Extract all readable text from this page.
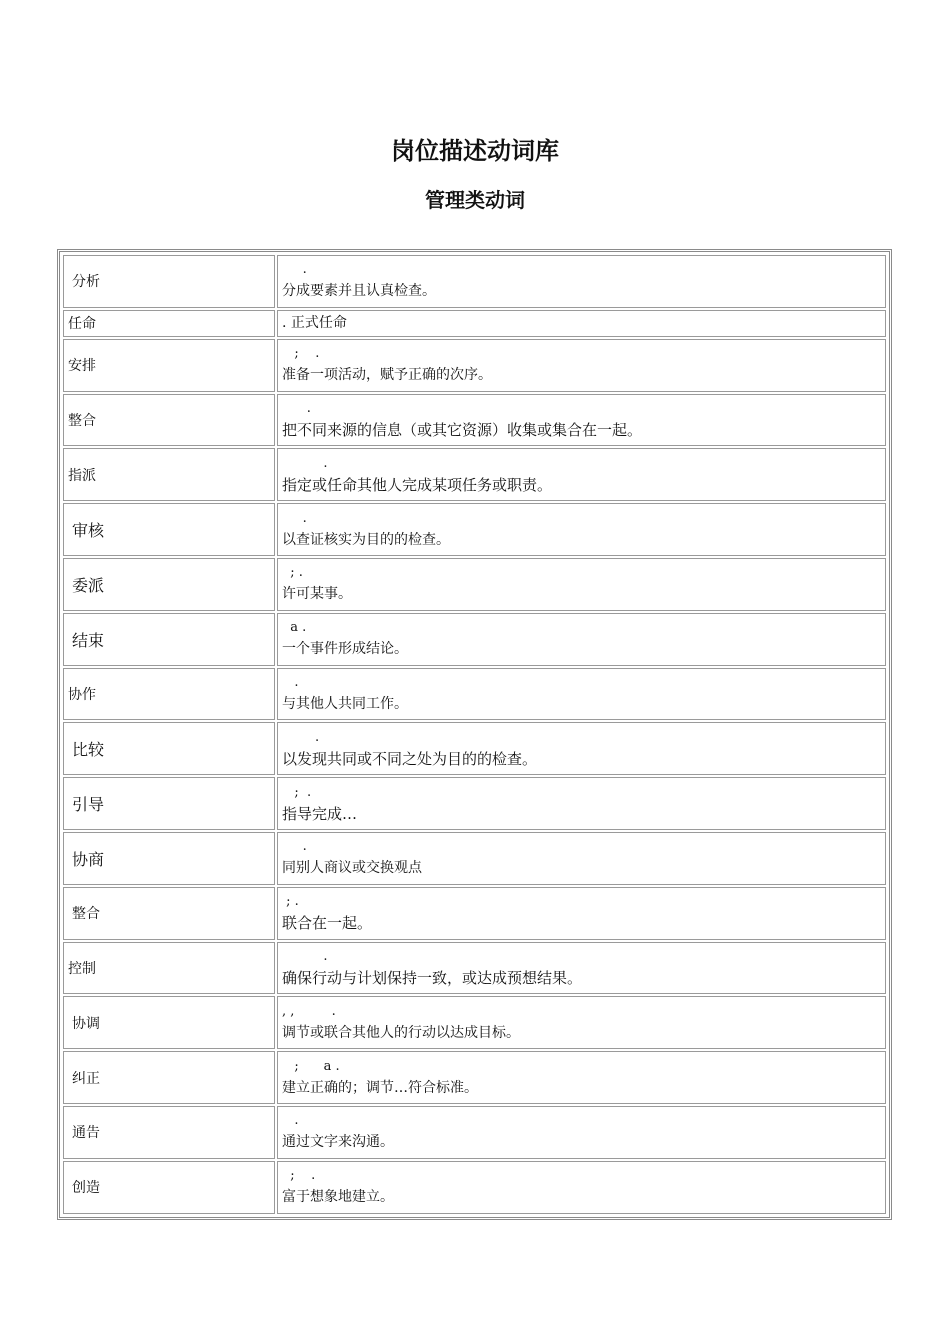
岗位描述动词库
管理类动词
分析	.
分成要素并且认真检查。

任命	. 正式任命

安排	;    .
准备一项活动，赋予正确的次序。

整合	.
把不同来源的信息（或其它资源）收集或集合在一起。

指派	.
指定或任命其他人完成某项任务或职责。

审核	.
以查证核实为目的的检查。

委派	; .
许可某事。

结束	a .
一个事件形成结论。

协作	.
与其他人共同工作。

比较	.
以发现共同或不同之处为目的的检查。

引导	;  .
指导完成…

协商	.
同别人商议或交换观点

整合	; .
联合在一起。

控制	.
确保行动与计划保持一致，或达成预想结果。

协调	, ,         .
调节或联合其他人的行动以达成目标。

纠正	;      a .
建立正确的；调节…符合标准。

通告	.
通过文字来沟通。

创造	;    .
富于想象地建立。
